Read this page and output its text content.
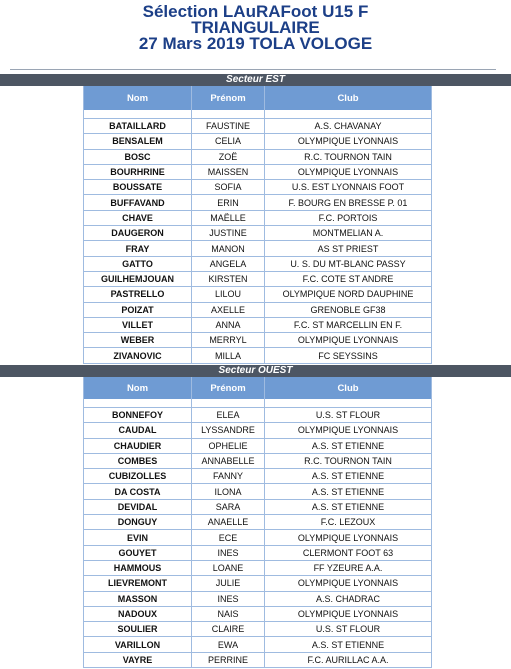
Sélection LAuRAFoot U15 F
TRIANGULAIRE
27 Mars 2019 TOLA VOLOGE
Secteur EST
Nom	Prénom	Club

BATAILLARD	FAUSTINE	A.S. CHAVANAY
BENSALEM	CELIA	OLYMPIQUE LYONNAIS
BOSC	ZOË	R.C. TOURNON TAIN
BOURHRINE	MAISSEN	OLYMPIQUE LYONNAIS
BOUSSATE	SOFIA	U.S. EST LYONNAIS FOOT
BUFFAVAND	ERIN	F. BOURG EN BRESSE P. 01
CHAVE	MAËLLE	F.C. PORTOIS
DAUGERON	JUSTINE	MONTMELIAN A.
FRAY	MANON	AS ST PRIEST
GATTO	ANGELA	U. S. DU MT-BLANC PASSY
GUILHEMJOUAN	KIRSTEN	F.C. COTE ST ANDRE
PASTRELLO	LILOU	OLYMPIQUE NORD DAUPHINE
POIZAT	AXELLE	GRENOBLE GF38
VILLET	ANNA	F.C. ST MARCELLIN EN F.
WEBER	MERRYL	OLYMPIQUE LYONNAIS
ZIVANOVIC	MILLA	FC SEYSSINS
Secteur OUEST
Nom	Prénom	Club

BONNEFOY	ELEA	U.S. ST FLOUR
CAUDAL	LYSSANDRE	OLYMPIQUE LYONNAIS
CHAUDIER	OPHELIE	A.S. ST ETIENNE
COMBES	ANNABELLE	R.C. TOURNON TAIN
CUBIZOLLES	FANNY	A.S. ST ETIENNE
DA COSTA	ILONA	A.S. ST ETIENNE
DEVIDAL	SARA	A.S. ST ETIENNE
DONGUY	ANAELLE	F.C. LEZOUX
EVIN	ECE	OLYMPIQUE LYONNAIS
GOUYET	INES	CLERMONT FOOT 63
HAMMOUS	LOANE	FF YZEURE A.A.
LIEVREMONT	JULIE	OLYMPIQUE LYONNAIS
MASSON	INES	A.S. CHADRAC
NADOUX	NAIS	OLYMPIQUE LYONNAIS
SOULIER	CLAIRE	U.S. ST FLOUR
VARILLON	EWA	A.S. ST ETIENNE
VAYRE	PERRINE	F.C. AURILLAC A.A.
